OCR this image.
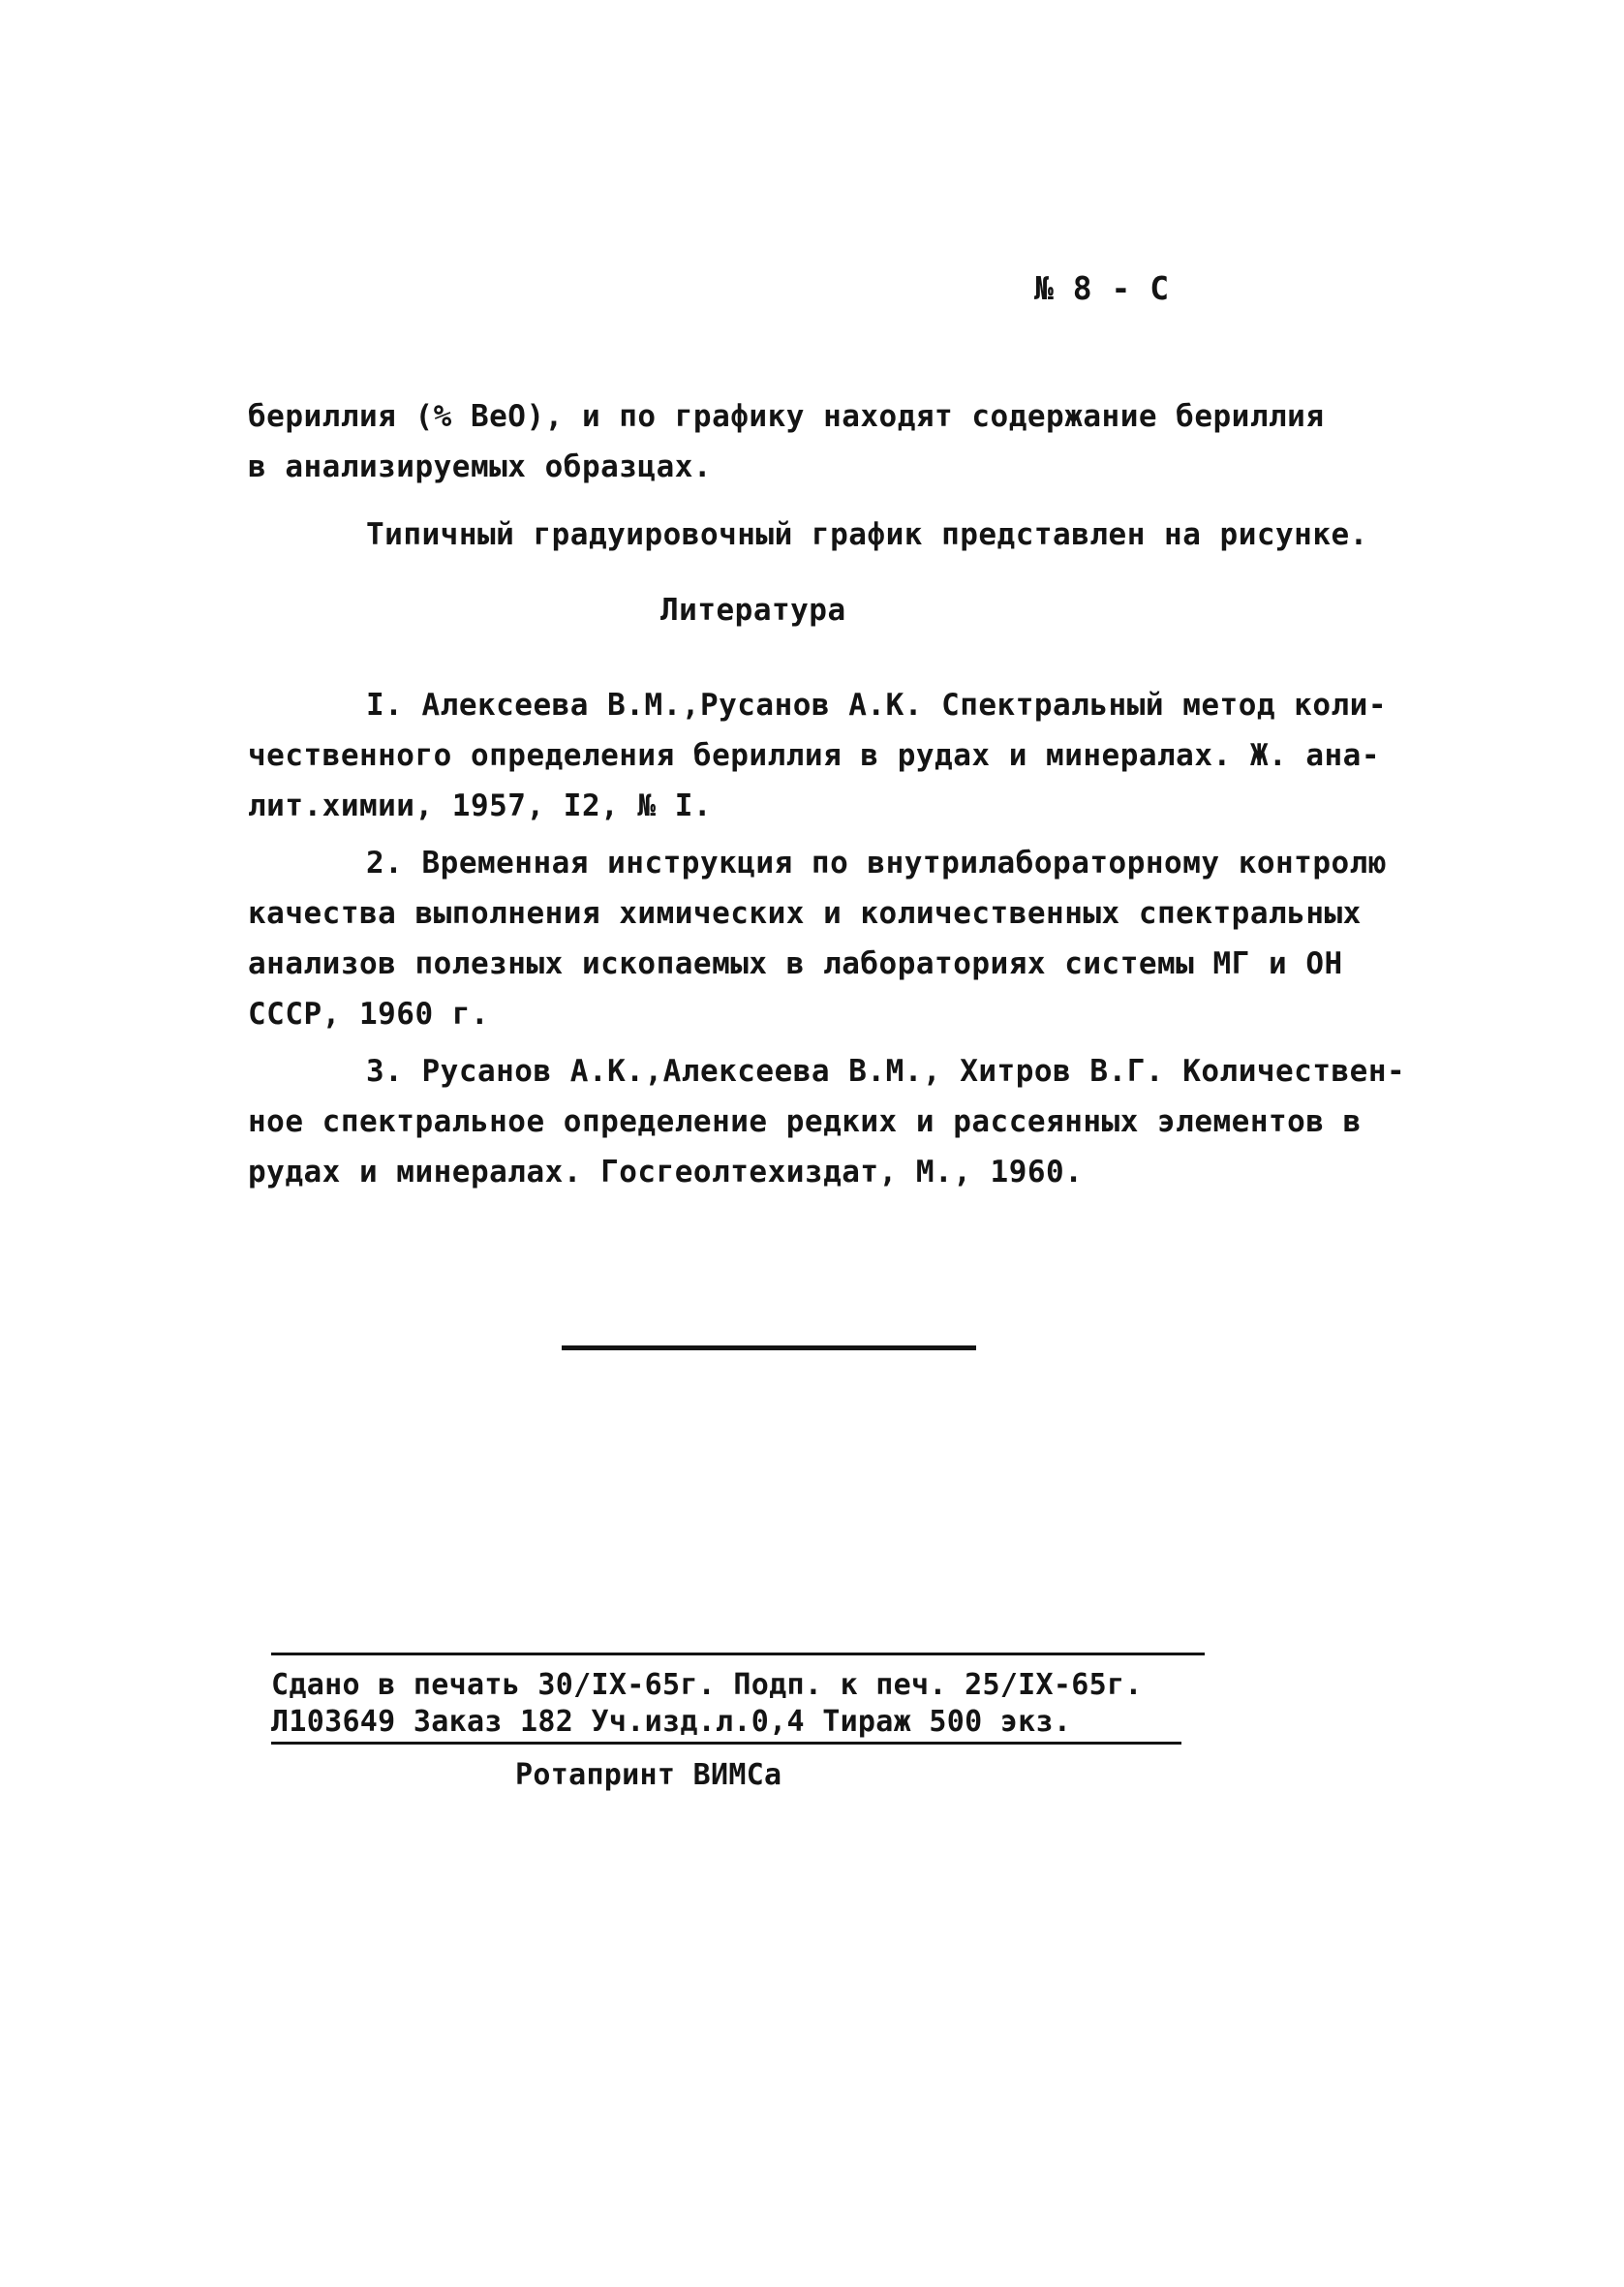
№ 8 - С
бериллия (% BeO), и по графику находят содержание бериллия
в анализируемых образцах.
Типичный градуировочный график представлен на рисунке.
Литература
I. Алексеева В.М.,Русанов А.К. Спектральный метод коли-
чественного определения бериллия в рудах и минералах. Ж. ана-
лит.химии, 1957, I2, № I.
2. Временная инструкция по внутрилабораторному контролю
качества выполнения химических и количественных спектральных
анализов полезных ископаемых в лабораториях системы МГ и ОН
СССР, 1960 г.
3. Русанов А.К.,Алексеева В.М., Хитров В.Г. Количествен-
ное спектральное определение редких и рассеянных элементов в
рудах и минералах. Госгеолтехиздат, М., 1960.
Сдано в печать 30/IX-65г. Подп. к печ. 25/IX-65г.
Л103649 Заказ 182 Уч.изд.л.0,4 Тираж 500 экз.
Ротапринт ВИМСа
